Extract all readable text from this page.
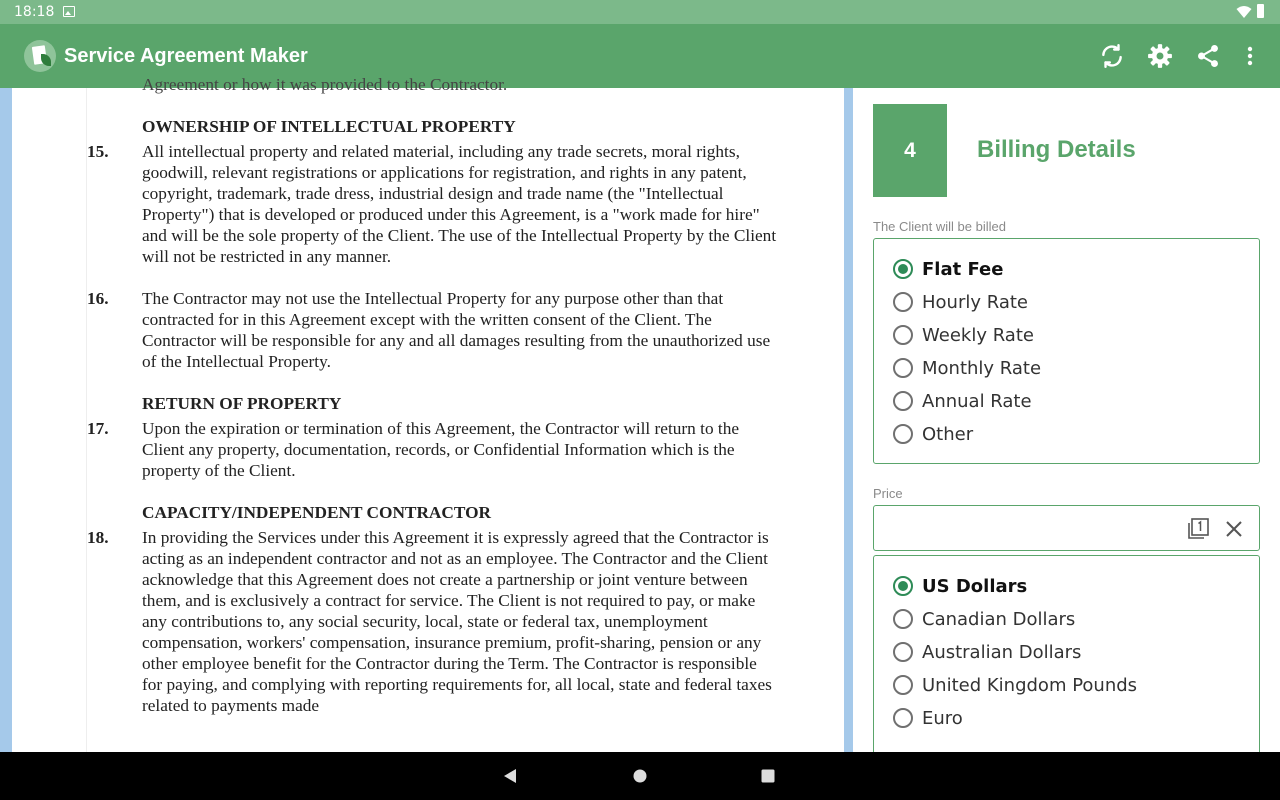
18:18
Service Agreement Maker
Agreement or how it was provided to the Contractor.
OWNERSHIP OF INTELLECTUAL PROPERTY
15. All intellectual property and related material, including any trade secrets, moral rights, goodwill, relevant registrations or applications for registration, and rights in any patent, copyright, trademark, trade dress, industrial design and trade name (the "Intellectual Property") that is developed or produced under this Agreement, is a "work made for hire" and will be the sole property of the Client. The use of the Intellectual Property by the Client will not be restricted in any manner.
16. The Contractor may not use the Intellectual Property for any purpose other than that contracted for in this Agreement except with the written consent of the Client. The Contractor will be responsible for any and all damages resulting from the unauthorized use of the Intellectual Property.
RETURN OF PROPERTY
17. Upon the expiration or termination of this Agreement, the Contractor will return to the Client any property, documentation, records, or Confidential Information which is the property of the Client.
CAPACITY/INDEPENDENT CONTRACTOR
18. In providing the Services under this Agreement it is expressly agreed that the Contractor is acting as an independent contractor and not as an employee. The Contractor and the Client acknowledge that this Agreement does not create a partnership or joint venture between them, and is exclusively a contract for service. The Client is not required to pay, or make any contributions to, any social security, local, state or federal tax, unemployment compensation, workers' compensation, insurance premium, profit-sharing, pension or any other employee benefit for the Contractor during the Term. The Contractor is responsible for paying, and complying with reporting requirements for, all local, state and federal taxes related to payments made
4	Billing Details
The Client will be billed
Flat Fee
Hourly Rate
Weekly Rate
Monthly Rate
Annual Rate
Other
Price
US Dollars
Canadian Dollars
Australian Dollars
United Kingdom Pounds
Euro
